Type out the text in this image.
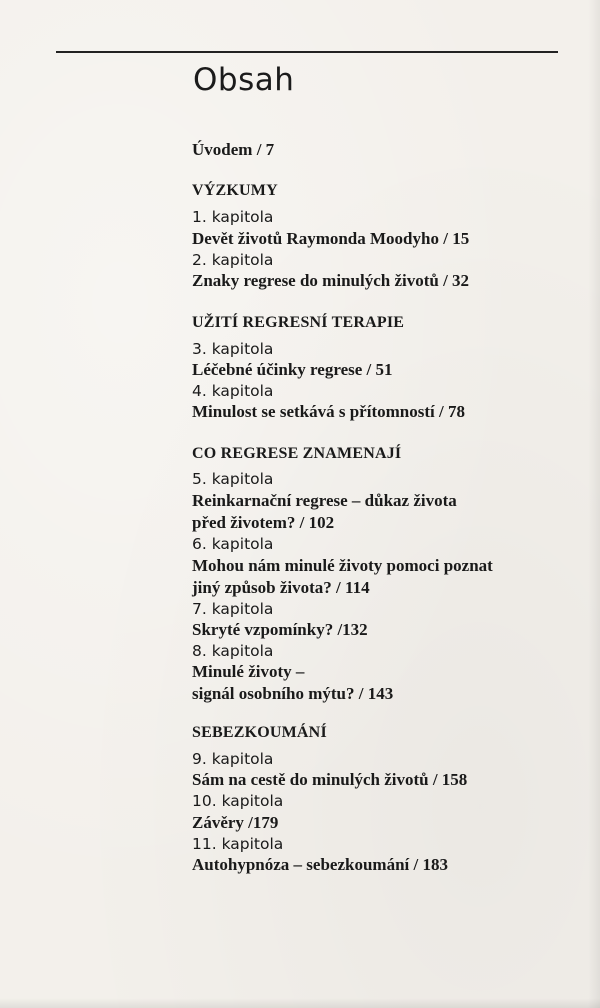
Obsah
Úvodem / 7
VÝZKUMY
1. kapitola
Devět životů Raymonda Moodyho / 15
2. kapitola
Znaky regrese do minulých životů / 32
UŽITÍ REGRESNÍ TERAPIE
3. kapitola
Léčebné účinky regrese / 51
4. kapitola
Minulost se setkává s přítomností / 78
CO REGRESE ZNAMENAJÍ
5. kapitola
Reinkarnační regrese – důkaz života
před životem? / 102
6. kapitola
Mohou nám minulé životy pomoci poznat
jiný způsob života? / 114
7. kapitola
Skryté vzpomínky? /132
8. kapitola
Minulé životy –
signál osobního mýtu? / 143
SEBEZKOUMÁNÍ
9. kapitola
Sám na cestě do minulých životů / 158
10. kapitola
Závěry /179
11. kapitola
Autohypnóza – sebezkoumání / 183
